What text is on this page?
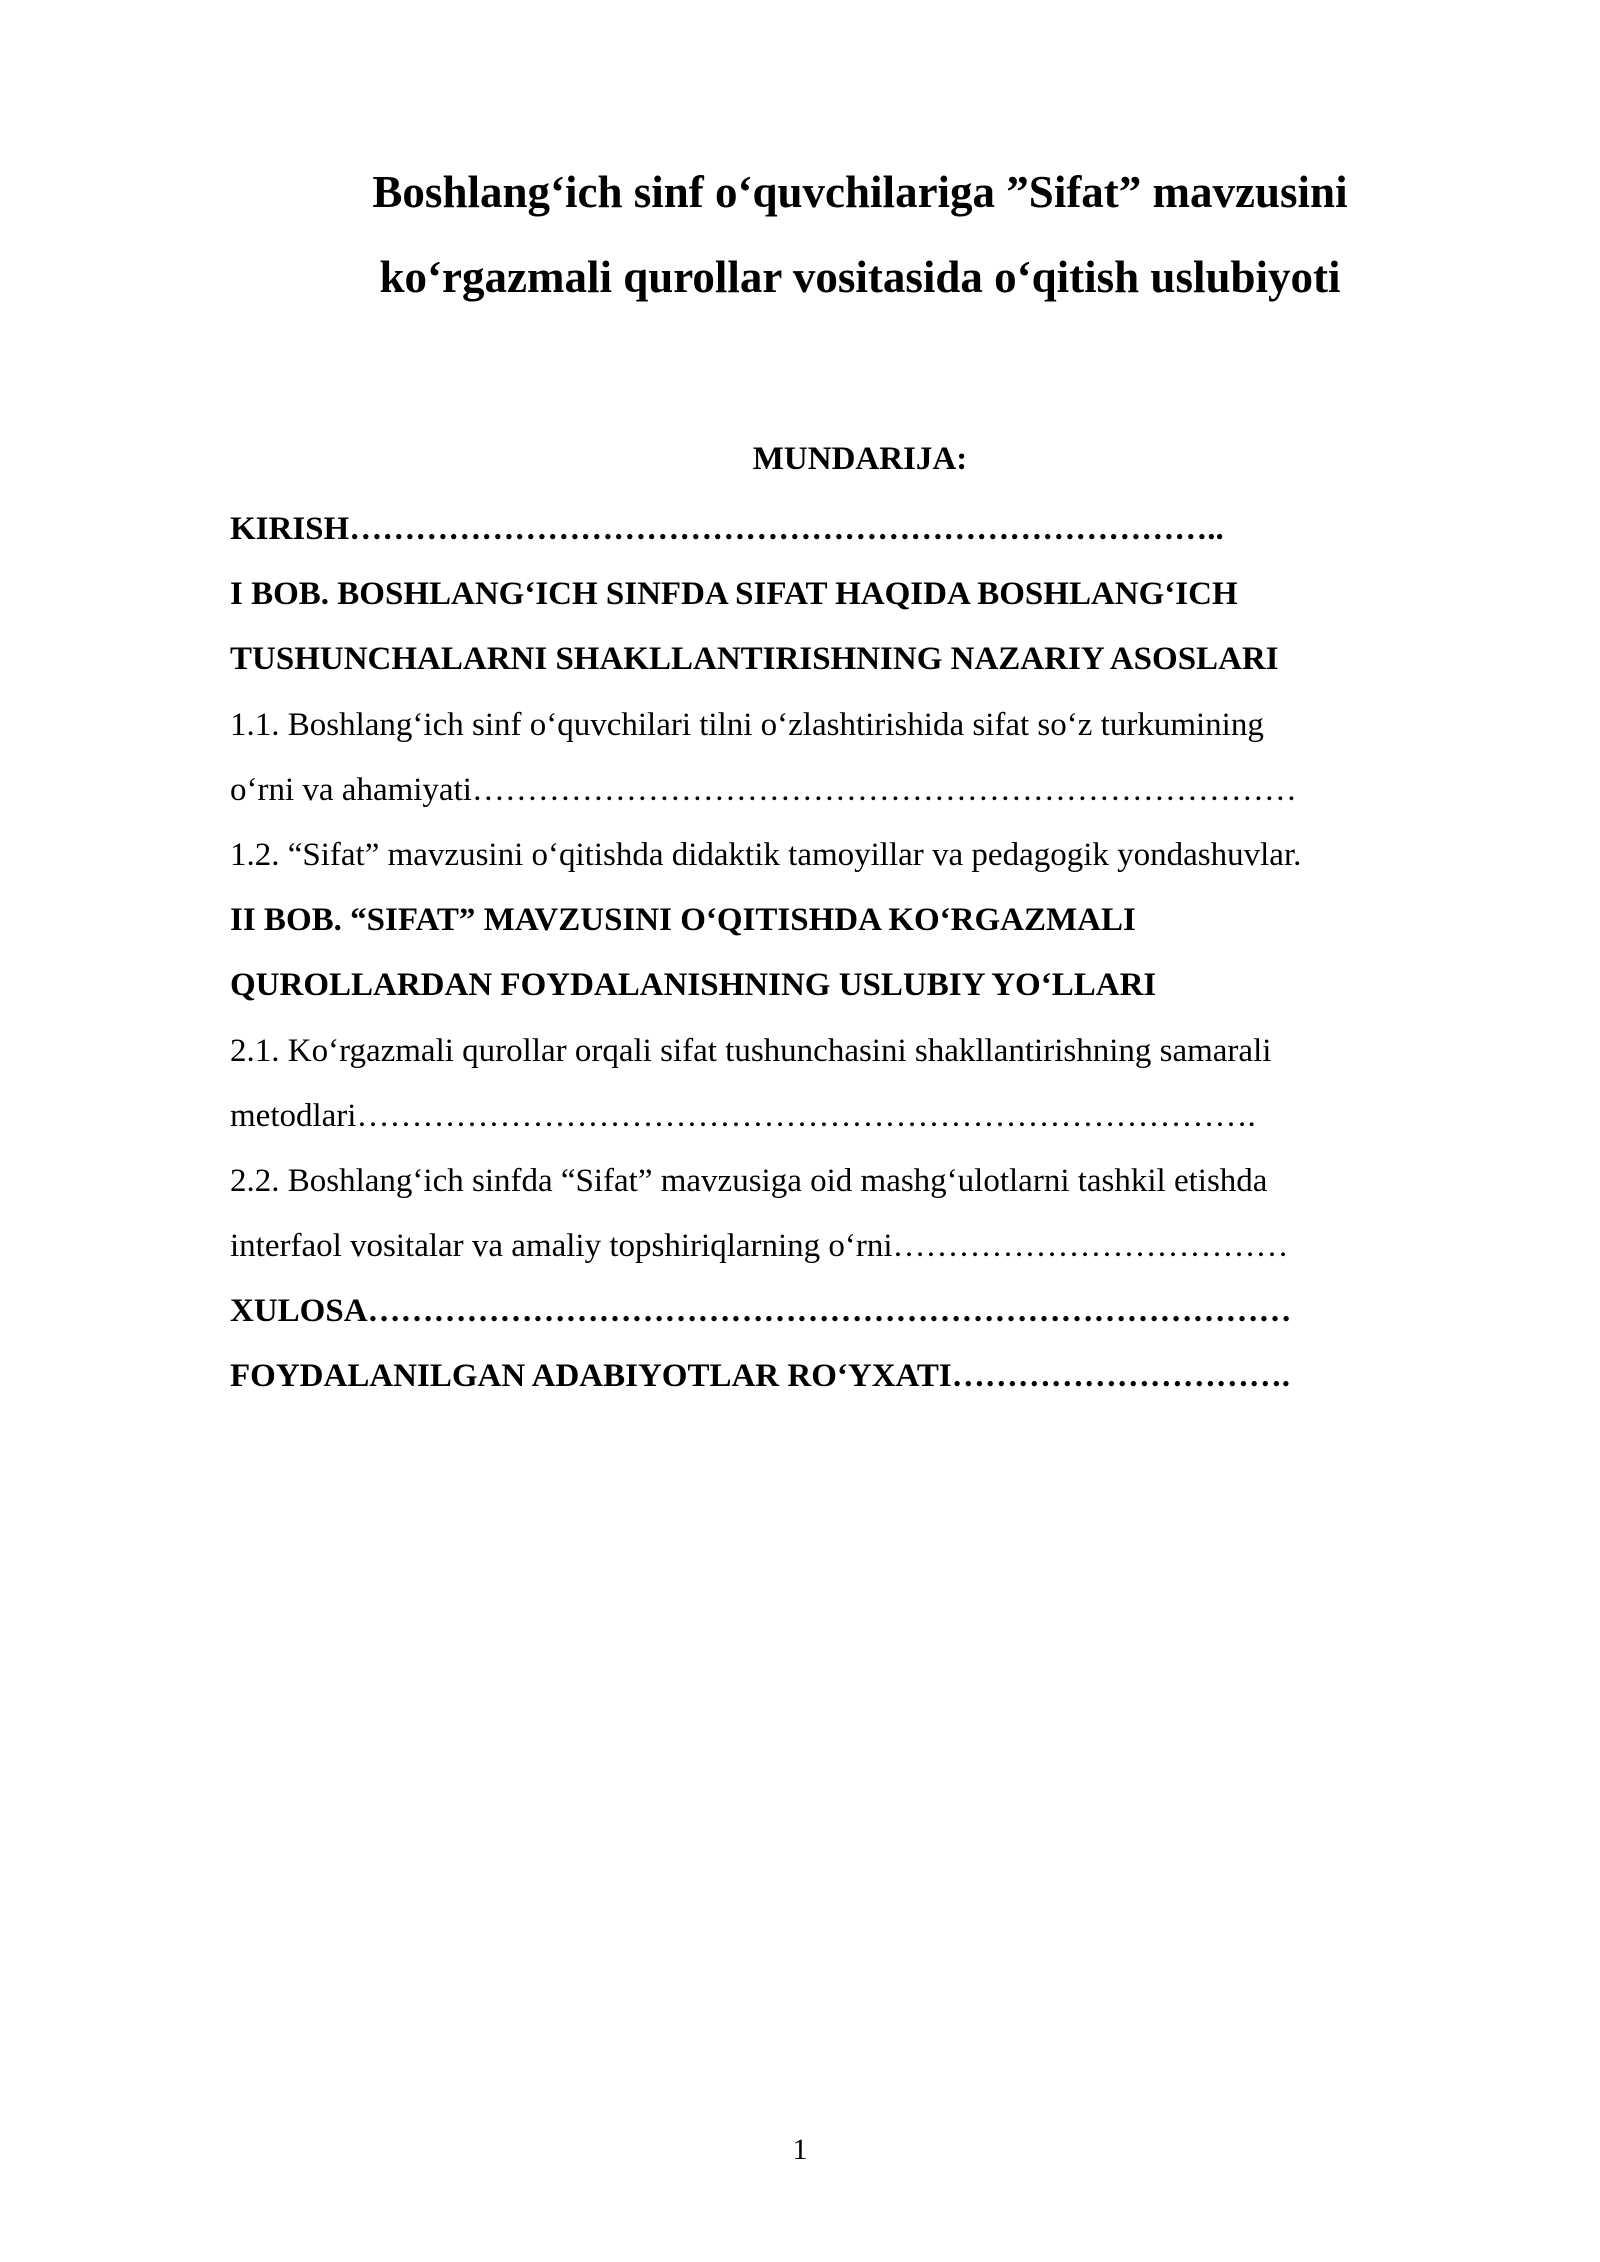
Boshlang‘ich sinf o‘quvchilariga ”Sifat” mavzusini
ko‘rgazmali qurollar vositasida o‘qitish uslubiyoti
MUNDARIJA:
KIRISH……………………………………………………………………..
I BOB. BOSHLANG‘ICH SINFDA SIFAT HAQIDA BOSHLANG‘ICH
TUSHUNCHALARNI SHAKLLANTIRISHNING NAZARIY ASOSLARI
1.1. Boshlang‘ich sinf o‘quvchilari tilni o‘zlashtirishida sifat so‘z turkumining
o‘rni va ahamiyati…………………………………………………………………
1.2. “Sifat” mavzusini o‘qitishda didaktik tamoyillar va pedagogik yondashuvlar.
II BOB. “SIFAT” MAVZUSINI O‘QITISHDA KO‘RGAZMALI
QUROLLARDAN FOYDALANISHNING USLUBIY YO‘LLARI
2.1. Ko‘rgazmali qurollar orqali sifat tushunchasini shakllantirishning samarali
metodlari……………………………………………………………………….
2.2. Boshlang‘ich sinfda “Sifat” mavzusiga oid mashg‘ulotlarni tashkil etishda
interfaol vositalar va amaliy topshiriqlarning o‘rni………………………………
XULOSA…………………………………………………………………………
FOYDALANILGAN ADABIYOTLAR RO‘YXATI………………………….
1
